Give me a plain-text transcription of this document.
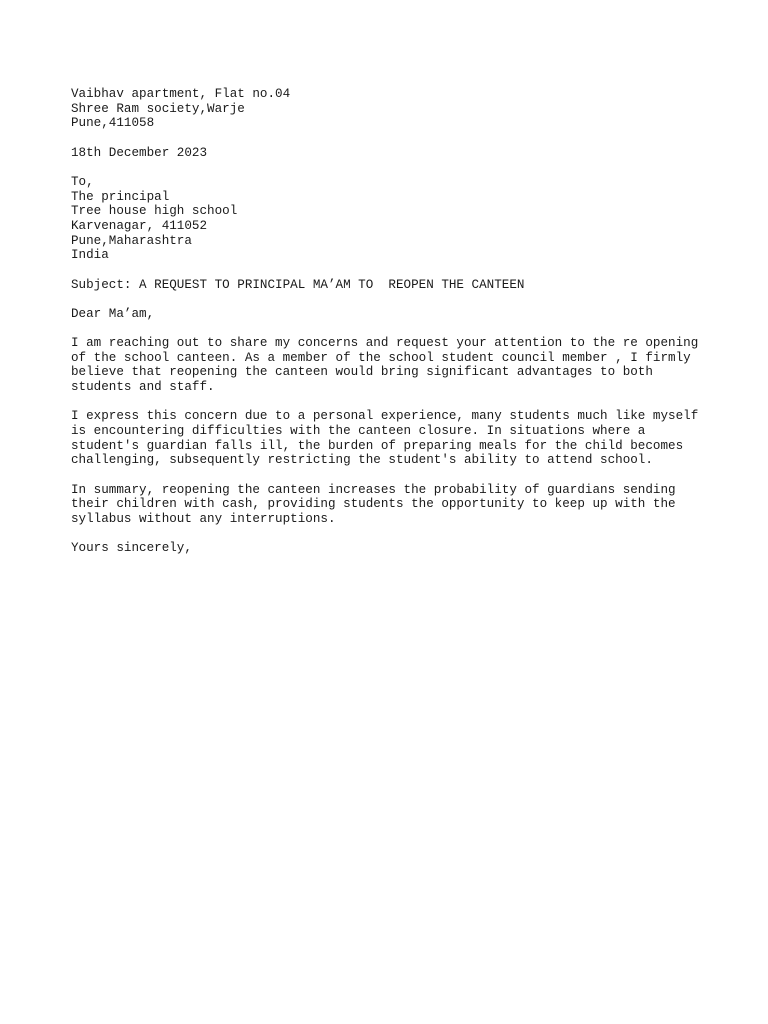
Vaibhav apartment, Flat no.04
Shree Ram society,Warje
Pune,411058
18th December 2023
To,
The principal
Tree house high school
Karvenagar, 411052
Pune,Maharashtra
India
Subject: A REQUEST TO PRINCIPAL MA’AM TO  REOPEN THE CANTEEN
Dear Ma’am,
I am reaching out to share my concerns and request your attention to the re opening
of the school canteen. As a member of the school student council member , I firmly
believe that reopening the canteen would bring significant advantages to both
students and staff.
I express this concern due to a personal experience, many students much like myself
is encountering difficulties with the canteen closure. In situations where a
student's guardian falls ill, the burden of preparing meals for the child becomes
challenging, subsequently restricting the student's ability to attend school.
In summary, reopening the canteen increases the probability of guardians sending
their children with cash, providing students the opportunity to keep up with the
syllabus without any interruptions.
Yours sincerely,
